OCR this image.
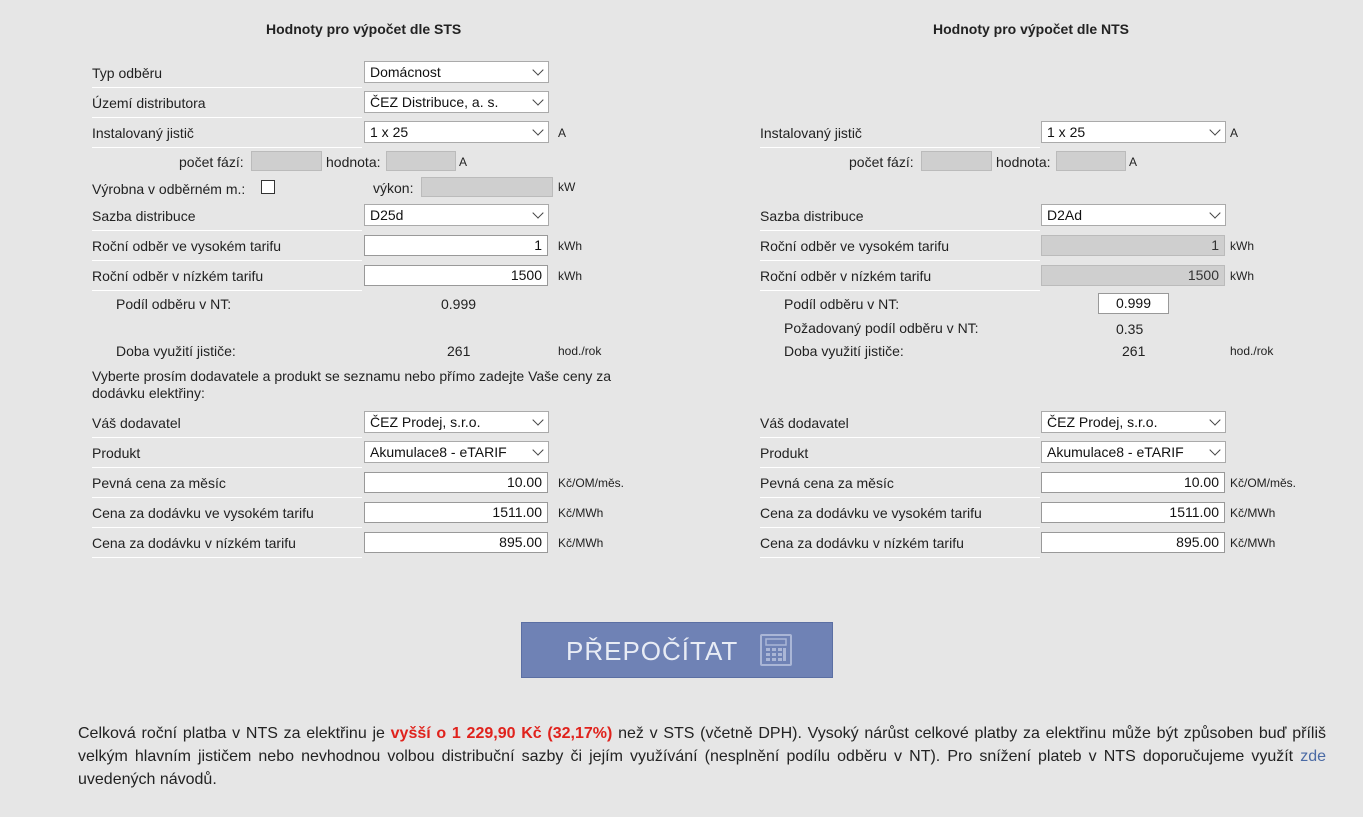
Hodnoty pro výpočet dle STS
Typ odběru	Domácnost
Území distributora	ČEZ Distribuce, a. s.
Instalovaný jistič	1 x 25	A
počet fází:	hodnota:	A
Výrobna v odběrném m.:	výkon:	kW
Sazba distribuce	D25d
Roční odběr ve vysokém tarifu	1	kWh
Roční odběr v nízkém tarifu	1500	kWh
Podíl odběru v NT:	0.999
Doba využití jističe:	261	hod./rok
Vyberte prosím dodavatele a produkt se seznamu nebo přímo zadejte Vaše ceny za dodávku elektřiny:
Váš dodavatel	ČEZ Prodej, s.r.o.
Produkt	Akumulace8 - eTARIF
Pevná cena za měsíc	10.00	Kč/OM/měs.
Cena za dodávku ve vysokém tarifu	1511.00	Kč/MWh
Cena za dodávku v nízkém tarifu	895.00	Kč/MWh
Hodnoty pro výpočet dle NTS
Instalovaný jistič	1 x 25	A
počet fází:	hodnota:	A
Sazba distribuce	D2Ad
Roční odběr ve vysokém tarifu	1 kWh
Roční odběr v nízkém tarifu	1500 kWh
Podíl odběru v NT:	0.999
Požadovaný podíl odběru v NT:	0.35
Doba využití jističe:	261	hod./rok
Váš dodavatel	ČEZ Prodej, s.r.o.
Produkt	Akumulace8 - eTARIF
Pevná cena za měsíc	10.00 Kč/OM/měs.
Cena za dodávku ve vysokém tarifu	1511.00 Kč/MWh
Cena za dodávku v nízkém tarifu	895.00 Kč/MWh
PŘEPOČÍTAT
Celková roční platba v NTS za elektřinu je vyšší o 1 229,90 Kč (32,17%) než v STS (včetně DPH). Vysoký nárůst celkové platby za elektřinu může být způsoben buď příliš velkým hlavním jističem nebo nevhodnou volbou distribuční sazby či jejím využívání (nesplnění podílu odběru v NT). Pro snížení plateb v NTS doporučujeme využít zde uvedených návodů.
